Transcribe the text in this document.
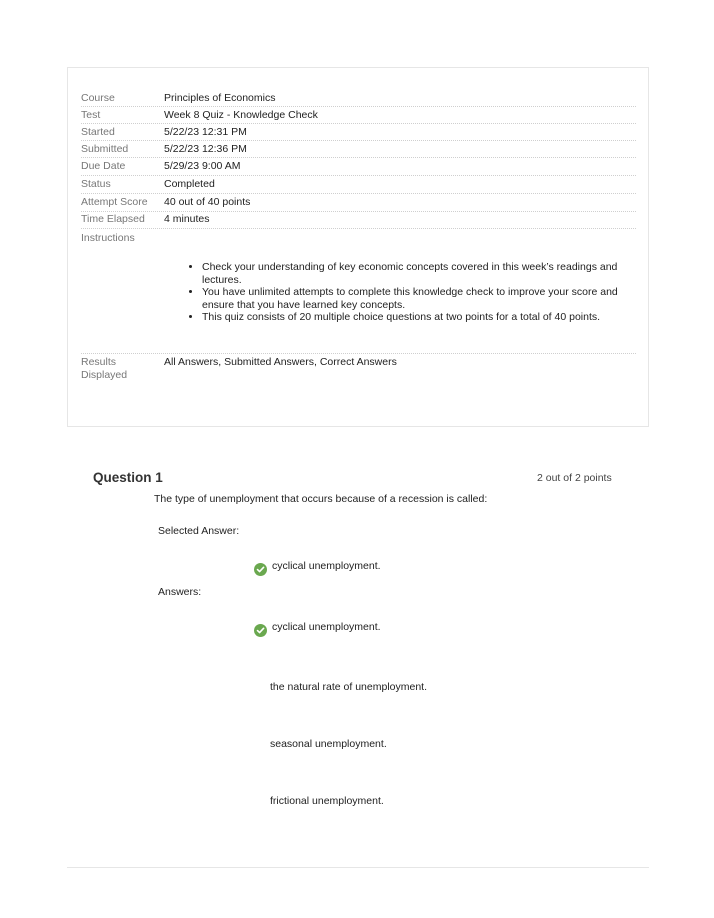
Course	Principles of Economics
Test	Week 8 Quiz - Knowledge Check
Started	5/22/23 12:31 PM
Submitted	5/22/23 12:36 PM
Due Date	5/29/23 9:00 AM
Status	Completed
Attempt Score 40 out of 40 points
Time Elapsed 4 minutes
Instructions
• Check your understanding of key economic concepts covered in this week’s readings and lectures.
• You have unlimited attempts to complete this knowledge check to improve your score and ensure that you have learned key concepts.
• This quiz consists of 20 multiple choice questions at two points for a total of 40 points.
Results Displayed
All Answers, Submitted Answers, Correct Answers
Question 1	2 out of 2 points
The type of unemployment that occurs because of a recession is called:
Selected Answer:
cyclical unemployment.
Answers:
cyclical unemployment.
the natural rate of unemployment.
seasonal unemployment.
frictional unemployment.
